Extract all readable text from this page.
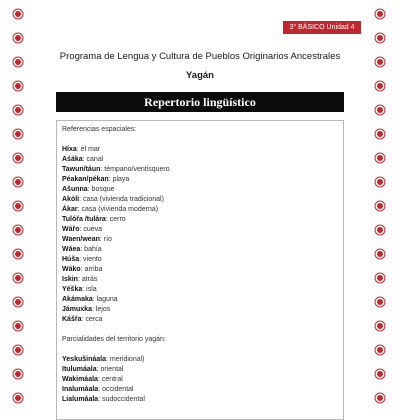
3° BÁSICO Unidad 4
Programa de Lengua y Cultura de Pueblos Originarios Ancestrales
Yagán
Repertorio lingüístico
Referencias espaciales:
Híxa: el mar
Aśáka: canal
Tawun/táun: témpano/ventisquero
Péakan/pékan: playa
Ašunna: bosque
Akóli: casa (vivienda tradicional)
Ákar: casa (vivienda moderna)
Tulóřa /tulára: cerro
Wářo: cueva
Waen/wean: río
Wáea: bahía
Húša: viento
Wáko: arriba
Iskin: atrás
Yéška: isla
Akámaka: laguna
Jámuxka: lejos
Kášřa: cerca
Parcialidades del territorio yagán:
Yeskušináala: meridional)
Itulumáala: oriental
Wakimáala: central
Inalumáala: occidental
Lialumáala: sudoccidental
